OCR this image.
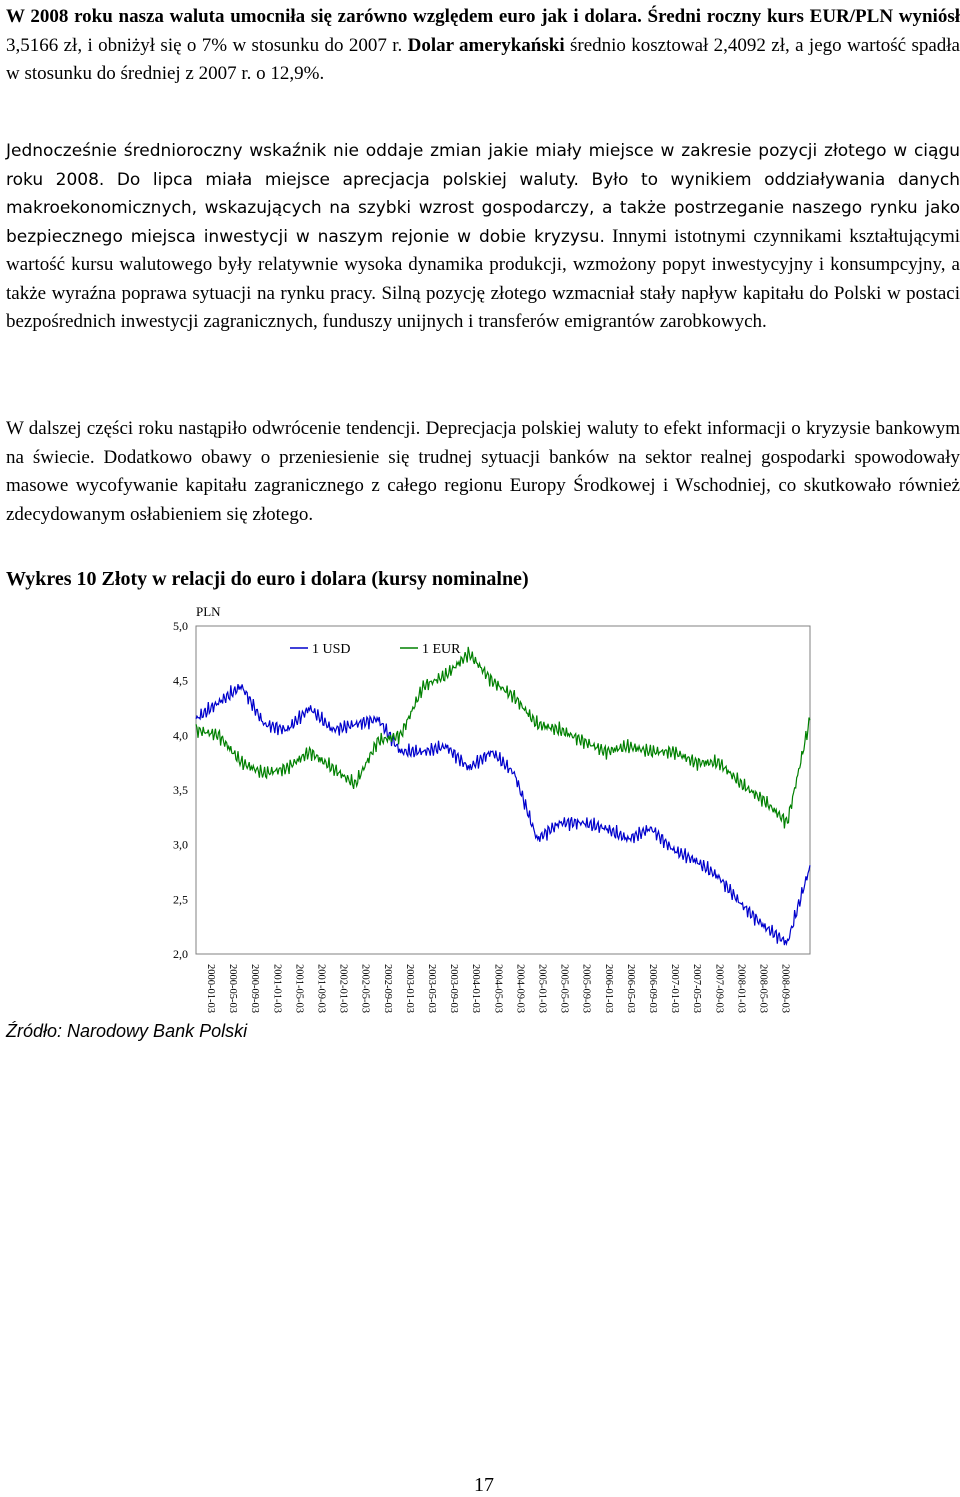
W 2008 roku nasza waluta umocniła się zarówno względem euro jak i dolara. Średni roczny kurs EUR/PLN wyniósł 3,5166 zł, i obniżył się o 7% w stosunku do 2007 r. Dolar amerykański średnio kosztował 2,4092 zł, a jego wartość spadła w stosunku do średniej z 2007 r. o 12,9%.

Jednocześnie średnioroczny wskaźnik nie oddaje zmian jakie miały miejsce w zakresie pozycji złotego w ciągu roku 2008. Do lipca miała miejsce aprecjacja polskiej waluty. Było to wynikiem oddziaływania danych makroekonomicznych, wskazujących na szybki wzrost gospodarczy, a także postrzeganie naszego rynku jako bezpiecznego miejsca inwestycji w naszym rejonie w dobie kryzysu. Innymi istotnymi czynnikami kształtującymi wartość kursu walutowego były relatywnie wysoka dynamika produkcji, wzmożony popyt inwestycyjny i konsumpcyjny, a także wyraźna poprawa sytuacji na rynku pracy. Silną pozycję złotego wzmacniał stały napływ kapitału do Polski w postaci bezpośrednich inwestycji zagranicznych, funduszy unijnych i transferów emigrantów zarobkowych.

W dalszej części roku nastąpiło odwrócenie tendencji. Deprecjacja polskiej waluty to efekt informacji o kryzysie bankowym na świecie. Dodatkowo obawy o przeniesienie się trudnej sytuacji banków na sektor realnej gospodarki spowodowały masowe wycofywanie kapitału zagranicznego z całego regionu Europy Środkowej i Wschodniej, co skutkowało również zdecydowanym osłabieniem się złotego.

Wykres 10 Złoty w relacji do euro i dolara (kursy nominalne)

PLN
5,0
4,5
4,0
3,5
3,0
2,5
2,0
2000-01-03 2000-05-03 2000-09-03 2001-01-03 2001-05-03 2001-09-03 2002-01-03 2002-05-03 2002-09-03 2003-01-03 2003-05-03 2003-09-03 2004-01-03 2004-05-03 2004-09-03 2005-01-03 2005-05-03 2005-09-03 2006-01-03 2006-05-03 2006-09-03 2007-01-03 2007-05-03 2007-09-03 2008-01-03 2008-05-03 2008-09-03
1 USD	1 EUR

Źródło: Narodowy Bank Polski

17
